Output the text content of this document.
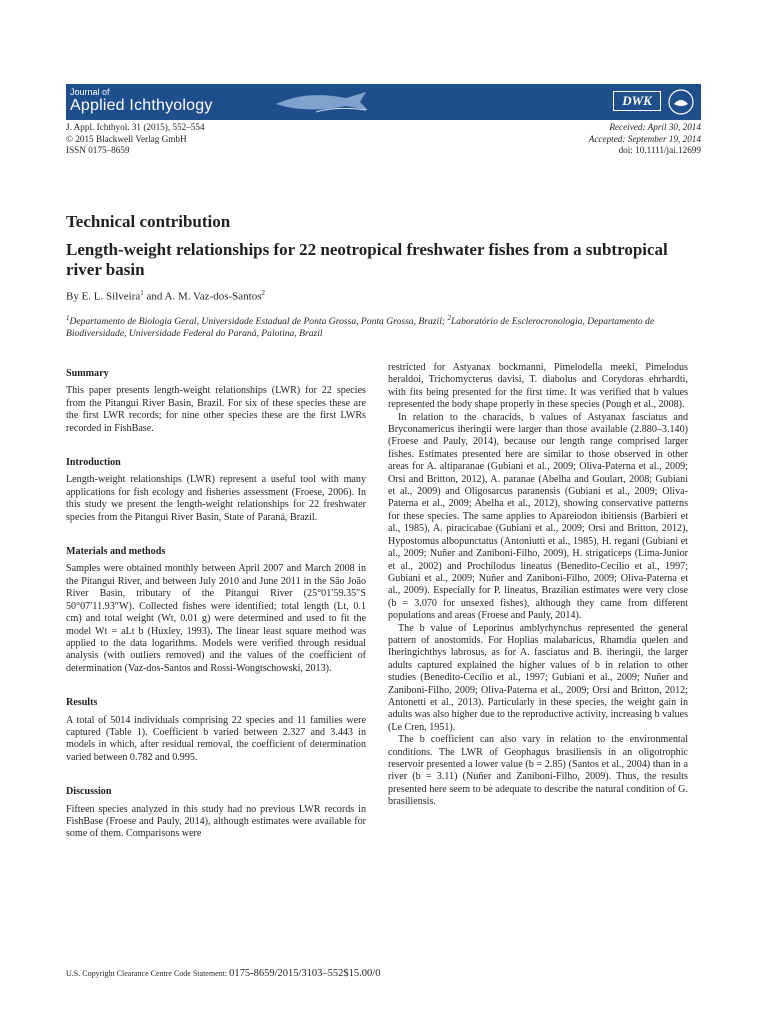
Journal of
Applied Ichthyology	DWK
J. Appl. Ichthyol. 31 (2015), 552–554
© 2015 Blackwell Verlag GmbH
ISSN 0175–8659
Received: April 30, 2014
Accepted: September 19, 2014
doi: 10.1111/jai.12699
Technical contribution
Length-weight relationships for 22 neotropical freshwater fishes from a subtropical river basin
By E. L. Silveira$^1$ and A. M. Vaz-dos-Santos$^2$
$^1$Departamento de Biologia Geral, Universidade Estadual de Ponta Grossa, Ponta Grossa, Brazil; $^2$Laboratório de Esclerocronologia, Departamento de Biodiversidade, Universidade Federal do Paraná, Palotina, Brazil
Summary

This paper presents length-weight relationships (LWR) for 22 species from the Pitangui River Basin, Brazil. For six of these species these are the first LWR records; for nine other species these are the first LWRs recorded in FishBase.

Introduction

Length-weight relationships (LWR) represent a useful tool with many applications for fish ecology and fisheries assessment (Froese, 2006). In this study we present the length-weight relationships for 22 freshwater species from the Pitangui River Basin, State of Paraná, Brazil.

Materials and methods

Samples were obtained monthly between April 2007 and March 2008 in the Pitangui River, and between July 2010 and June 2011 in the São João River Basin, tributary of the Pitangui River (25°01′59.35″S 50°07′11.93″W). Collected fishes were identified; total length (Lt, 0.1 cm) and total weight (Wt, 0.01 g) were determined and used to fit the model Wt = aLt b (Huxley, 1993). The linear least square method was applied to the data logarithms. Models were verified through residual analysis (with outliers removed) and the values of the coefficient of determination (Vaz-dos-Santos and Rossi-Wongtschowski, 2013).

Results

A total of 5014 individuals comprising 22 species and 11 families were captured (Table 1). Coefficient b varied between 2.327 and 3.443 in models in which, after residual removal, the coefficient of determination varied between 0.782 and 0.995.

Discussion

Fifteen species analyzed in this study had no previous LWR records in FishBase (Froese and Pauly, 2014), although estimates were available for some of them. Comparisons were

restricted for Astyanax bockmanni, Pimelodella meeki, Pimelodus heraldoi, Trichomycterus davisi, T. diabolus and Corydoras ehrhardti, with fits being presented for the first time. It was verified that b values represented the body shape properly in these species (Pough et al., 2008).

In relation to the characids, b values of Astyanax fasciatus and Bryconamericus iheringii were larger than those available (2.880–3.140) (Froese and Pauly, 2014), because our length range comprised larger fishes. Estimates presented here are similar to those observed in other areas for A. altiparanae (Gubiani et al., 2009; Oliva-Paterna et al., 2009; Orsi and Britton, 2012), A. paranae (Abelha and Goulart, 2008; Gubiani et al., 2009) and Oligosarcus paranensis (Gubiani et al., 2009; Oliva-Paterna et al., 2009; Abelha et al., 2012), showing conservative patterns for these species. The same applies to Apareiodon ibitiensis (Barbieri et al., 1985), A. piracicabae (Gubiani et al., 2009; Orsi and Britton, 2012), Hypostomus albopunctatus (Antoniutti et al., 1985), H. regani (Gubiani et al., 2009; Nuñer and Zaniboni-Filho, 2009), H. strigaticeps (Lima-Junior et al., 2002) and Prochilodus lineatus (Benedito-Cecílio et al., 1997; Gubiani et al., 2009; Nuñer and Zaniboni-Filho, 2009; Oliva-Paterna et al., 2009). Especially for P. lineatus, Brazilian estimates were very close (b = 3.070 for unsexed fishes), although they came from different populations and areas (Froese and Pauly, 2014).

The b value of Leporinus amblyrhynchus represented the general pattern of anostomids. For Hoplias malabaricus, Rhamdia quelen and Iheringichthys labrosus, as for A. fasciatus and B. iheringii, the larger adults captured explained the higher values of b in relation to other studies (Benedito-Cecílio et al., 1997; Gubiani et al., 2009; Nuñer and Zaniboni-Filho, 2009; Oliva-Paterna et al., 2009; Orsi and Britton, 2012; Antonetti et al., 2013). Particularly in these species, the weight gain in adults was also higher due to the reproductive activity, increasing b values (Le Cren, 1951).

The b coefficient can also vary in relation to the environmental conditions. The LWR of Geophagus brasiliensis in an oligotrophic reservoir presented a lower value (b = 2.85) (Santos et al., 2004) than in a river (b = 3.11) (Nuñer and Zaniboni-Filho, 2009). Thus, the results presented here seem to be adequate to describe the natural condition of G. brasiliensis.

U.S. Copyright Clearance Centre Code Statement: 0175-8659/2015/3103–552$15.00/0
